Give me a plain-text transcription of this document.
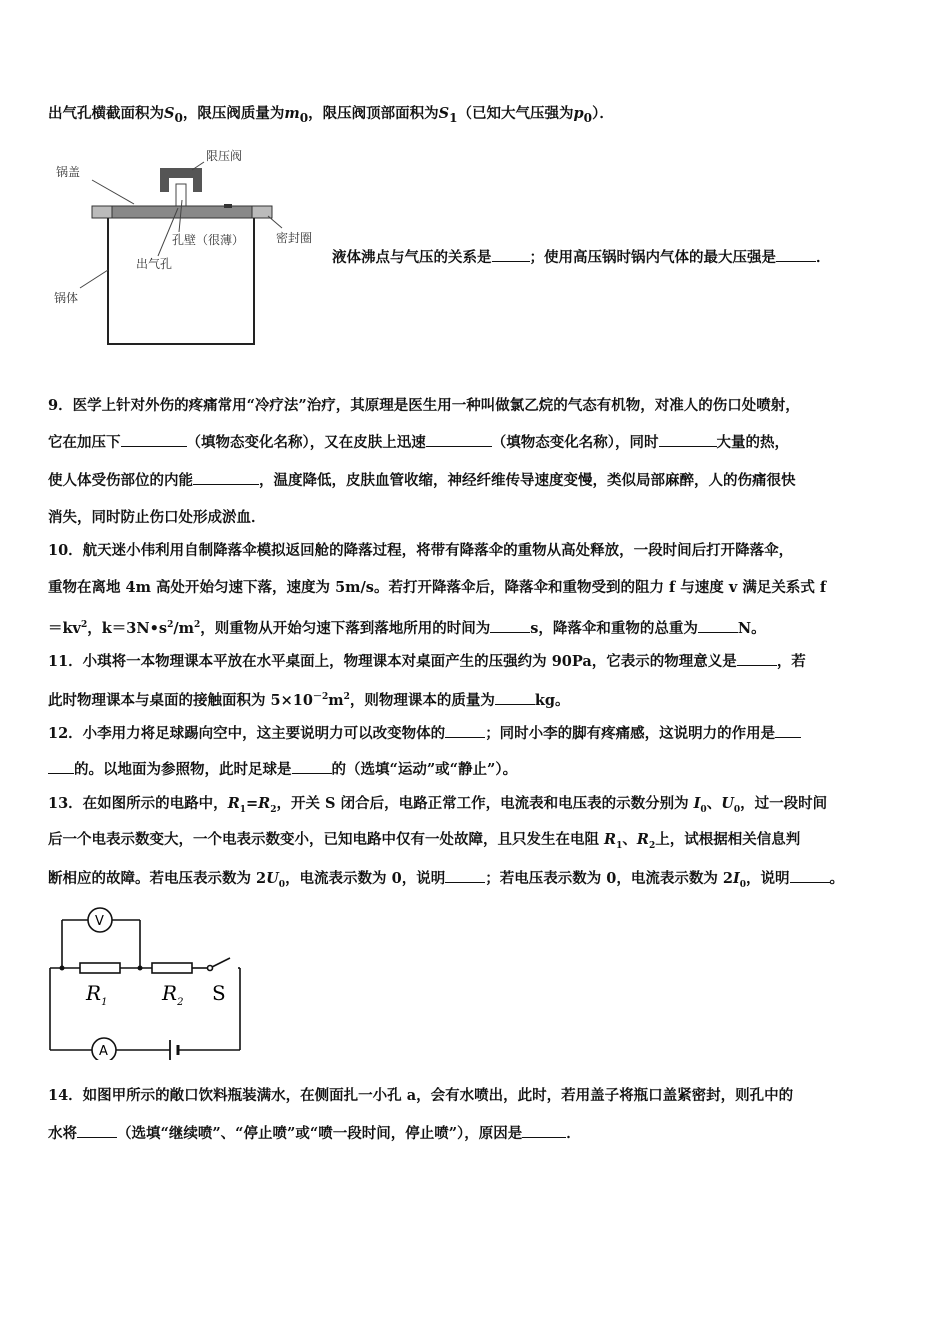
出气孔横截面积为$S_0$，限压阀质量为$m_0$，限压阀顶部面积为$S_1$（已知大气压强为$p_0$）．
限压阀
锅盖
孔壁（很薄）	密封圈
出气孔
锅体
液体沸点与气压的关系是	；使用高压锅时锅内气体的最大压强是	．
9．医学上针对外伤的疼痛常用“冷疗法”治疗，其原理是医生用一种叫做氯乙烷的气态有机物，对准人的伤口处喷射，
它在加压下	（填物态变化名称），又在皮肤上迅速	（填物态变化名称），同时	大量的热，
使人体受伤部位的内能	，温度降低，皮肤血管收缩，神经纤维传导速度变慢，类似局部麻醉，人的伤痛很快
消失，同时防止伤口处形成淤血．
10．航天迷小伟利用自制降落伞模拟返回舱的降落过程，将带有降落伞的重物从高处释放，一段时间后打开降落伞，
重物在离地 4m 高处开始匀速下落，速度为 5m/s。若打开降落伞后，降落伞和重物受到的阻力 f 与速度 v 满足关系式 f
$=kv^2$，$k=3N•s^2/m^2$，则重物从开始匀速下落到落地所用的时间为	s，降落伞和重物的总重为	N。
11．小琪将一本物理课本平放在水平桌面上，物理课本对桌面产生的压强约为 90Pa，它表示的物理意义是	，若
此时物理课本与桌面的接触面积为 $5\times 10^{-2}m^2$，则物理课本的质量为	kg。
12．小李用力将足球踢向空中，这主要说明力可以改变物体的	；同时小李的脚有疼痛感，这说明力的作用是
的。以地面为参照物，此时足球是	的（选填“运动”或“静止”）。
13．在如图所示的电路中，$R_1=R_2$，开关 S 闭合后，电路正常工作，电流表和电压表的示数分别为 $I_0$、$U_0$，过一段时间
后一个电表示数变大，一个电表示数变小，已知电路中仅有一处故障，且只发生在电阻 $R_1$、$R_2$上，试根据相关信息判
断相应的故障。若电压表示数为 $2U_0$，电流表示数为 0，说明	；若电压表示数为 0，电流表示数为 $2I_0$，说明	。
V
A
$R_1$	$R_2$ S
14．如图甲所示的敞口饮料瓶装满水，在侧面扎一小孔 a，会有水喷出，此时，若用盖子将瓶口盖紧密封，则孔中的
水将	（选填“继续喷”、“停止喷”或“喷一段时间，停止喷”），原因是	．
